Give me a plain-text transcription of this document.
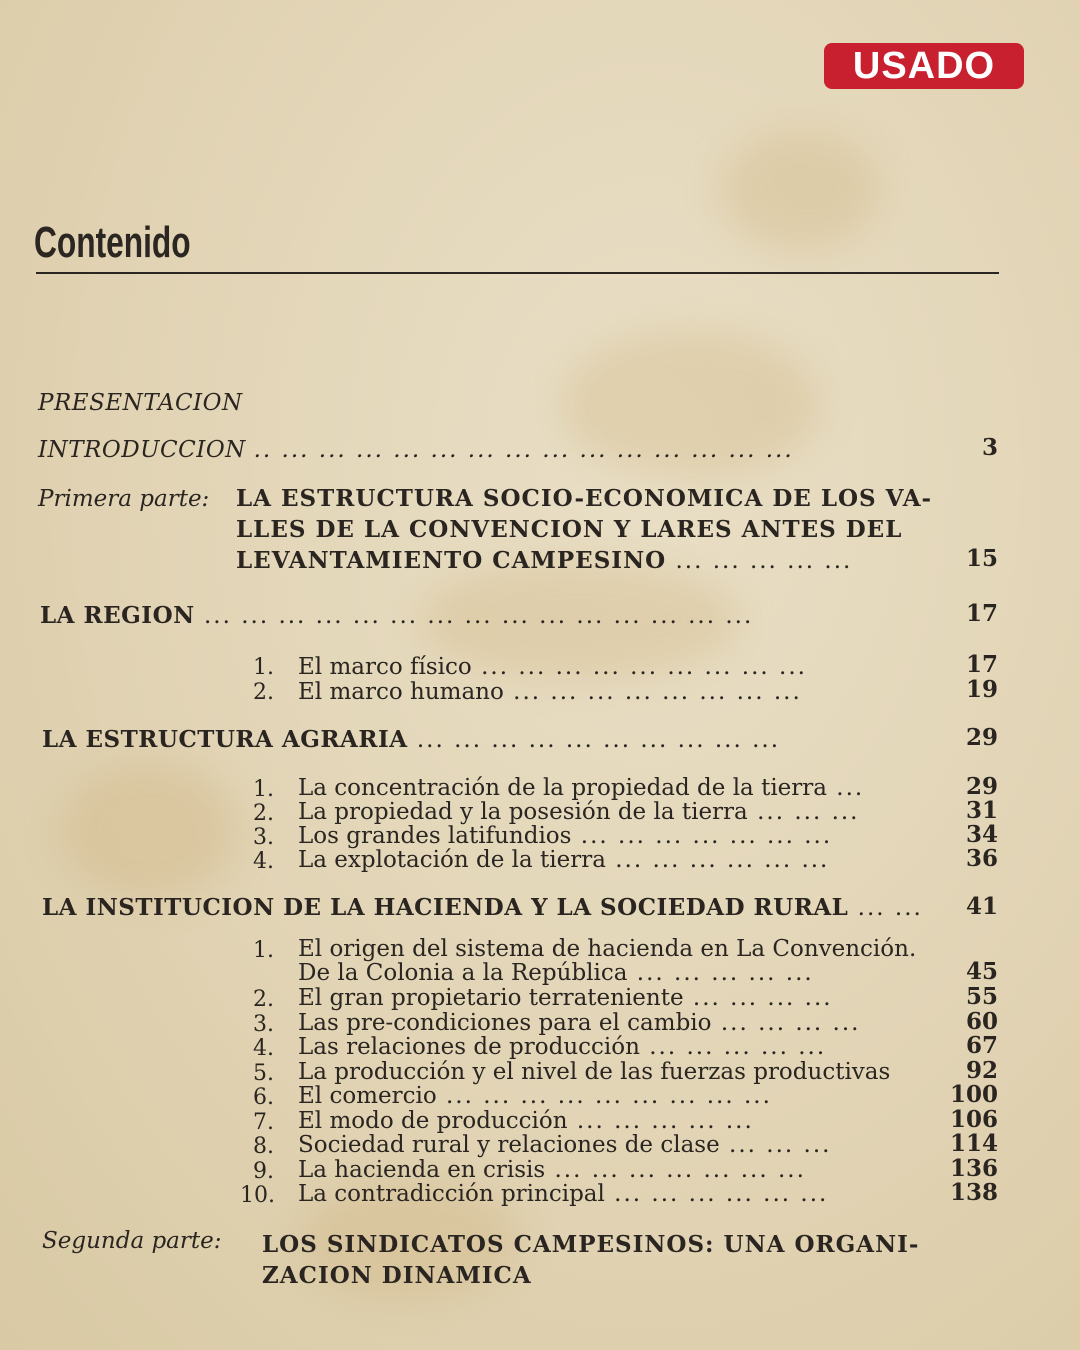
USADO
Contenido
PRESENTACION
INTRODUCCION .. ... ... ... ... ... ... ... ... ... ... ... ... ... ...	3
Primera parte: LA ESTRUCTURA SOCIO-ECONOMICA DE LOS VA-
LLES DE LA CONVENCION Y LARES ANTES DEL
LEVANTAMIENTO CAMPESINO ... ... ... ... ...	15
LA REGION ... ... ... ... ... ... ... ... ... ... ... ... ... ... ...	17
1. El marco físico ... ... ... ... ... ... ... ... ...	17
2. El marco humano ... ... ... ... ... ... ... ...	19
LA ESTRUCTURA AGRARIA ... ... ... ... ... ... ... ... ... ...	29
1. La concentración de la propiedad de la tierra ...	29
2. La propiedad y la posesión de la tierra ... ... ...	31
3. Los grandes latifundios ... ... ... ... ... ... ...	34
4. La explotación de la tierra ... ... ... ... ... ...	36
LA INSTITUCION DE LA HACIENDA Y LA SOCIEDAD RURAL ... ...	41
1. El origen del sistema de hacienda en La Convención.
De la Colonia a la República ... ... ... ... ...	45
2. El gran propietario terrateniente ... ... ... ...	55
3. Las pre-condiciones para el cambio ... ... ... ...	60
4. Las relaciones de producción ... ... ... ... ...	67
5. La producción y el nivel de las fuerzas productivas	92
6. El comercio ... ... ... ... ... ... ... ... ...	100
7. El modo de producción ... ... ... ... ...	106
8. Sociedad rural y relaciones de clase ... ... ...	114
9. La hacienda en crisis ... ... ... ... ... ... ...	136
10. La contradicción principal ... ... ... ... ... ...	138
Segunda parte: LOS SINDICATOS CAMPESINOS: UNA ORGANI-
ZACION DINAMICA
